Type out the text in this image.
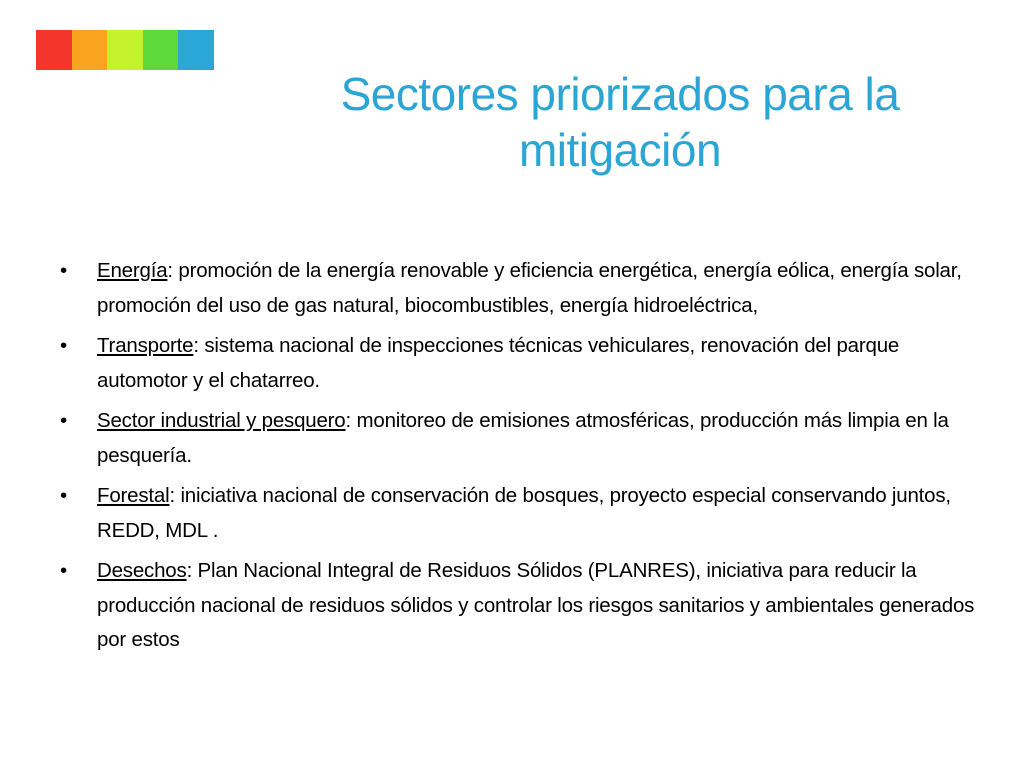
Sectores priorizados para la mitigación
• Energía: promoción de la energía renovable y eficiencia energética, energía eólica, energía solar, promoción del uso de gas natural, biocombustibles, energía hidroeléctrica,
• Transporte: sistema nacional de inspecciones técnicas vehiculares, renovación del parque automotor y el chatarreo.
• Sector industrial y pesquero: monitoreo de emisiones atmosféricas, producción más limpia en la pesquería.
• Forestal: iniciativa nacional de conservación de bosques, proyecto especial conservando juntos, REDD, MDL .
• Desechos: Plan Nacional Integral de Residuos Sólidos (PLANRES), iniciativa para reducir la producción nacional de residuos sólidos y controlar los riesgos sanitarios y ambientales generados por estos
